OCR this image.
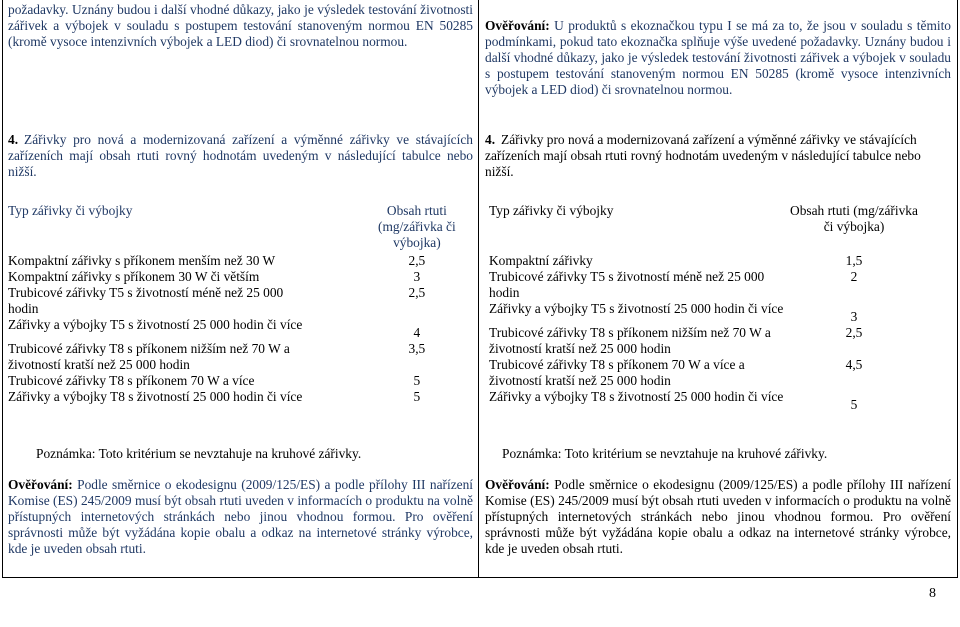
požadavky. Uznány budou i další vhodné důkazy, jako je výsledek testování životnosti zářivek a výbojek v souladu s postupem testování stanoveným normou EN 50285 (kromě vysoce intenzivních výbojek a LED diod) či srovnatelnou normou.
4. Zářivky pro nová a modernizovaná zařízení a výměnné zářivky ve stávajících zařízeních mají obsah rtuti rovný hodnotám uvedeným v následující tabulce nebo nižší.
Typ zářivky či výbojky	Obsah rtuti (mg/zářivka či výbojka)
Kompaktní zářivky s příkonem menším než 30 W	2,5
Kompaktní zářivky s příkonem 30 W či větším	3
Trubicové zářivky T5 s životností méně než 25 000 hodin	2,5
Zářivky a výbojky T5 s životností 25 000 hodin či více	4
Trubicové zářivky T8 s příkonem nižším než 70 W a životností kratší než 25 000 hodin	3,5
Trubicové zářivky T8 s příkonem 70 W a více	5
Zářivky a výbojky T8 s životností 25 000 hodin či více	5
Poznámka: Toto kritérium se nevztahuje na kruhové zářivky.
Ověřování: Podle směrnice o ekodesignu (2009/125/ES) a podle přílohy III nařízení Komise (ES) 245/2009 musí být obsah rtuti uveden v informacích o produktu na volně přístupných internetových stránkách nebo jinou vhodnou formou. Pro ověření správnosti může být vyžádána kopie obalu a odkaz na internetové stránky výrobce, kde je uveden obsah rtuti.
Ověřování: U produktů s ekoznačkou typu I se má za to, že jsou v souladu s těmito podmínkami, pokud tato ekoznačka splňuje výše uvedené požadavky. Uznány budou i další vhodné důkazy, jako je výsledek testování životnosti zářivek a výbojek v souladu s postupem testování stanoveným normou EN 50285 (kromě vysoce intenzivních výbojek a LED diod) či srovnatelnou normou.
4. Zářivky pro nová a modernizovaná zařízení a výměnné zářivky ve stávajících zařízeních mají obsah rtuti rovný hodnotám uvedeným v následující tabulce nebo nižší.
Typ zářivky či výbojky	Obsah rtuti (mg/zářivka či výbojka)
Kompaktní zářivky	1,5
Trubicové zářivky T5 s životností méně než 25 000 hodin	2
Zářivky a výbojky T5 s životností 25 000 hodin či více	3
Trubicové zářivky T8 s příkonem nižším než 70 W a životností kratší než 25 000 hodin	2,5
Trubicové zářivky T8 s příkonem 70 W a více a životností kratší než 25 000 hodin	4,5
Zářivky a výbojky T8 s životností 25 000 hodin či více	5
Poznámka: Toto kritérium se nevztahuje na kruhové zářivky.
Ověřování: Podle směrnice o ekodesignu (2009/125/ES) a podle přílohy III nařízení Komise (ES) 245/2009 musí být obsah rtuti uveden v informacích o produktu na volně přístupných internetových stránkách nebo jinou vhodnou formou. Pro ověření správnosti může být vyžádána kopie obalu a odkaz na internetové stránky výrobce, kde je uveden obsah rtuti.
8
